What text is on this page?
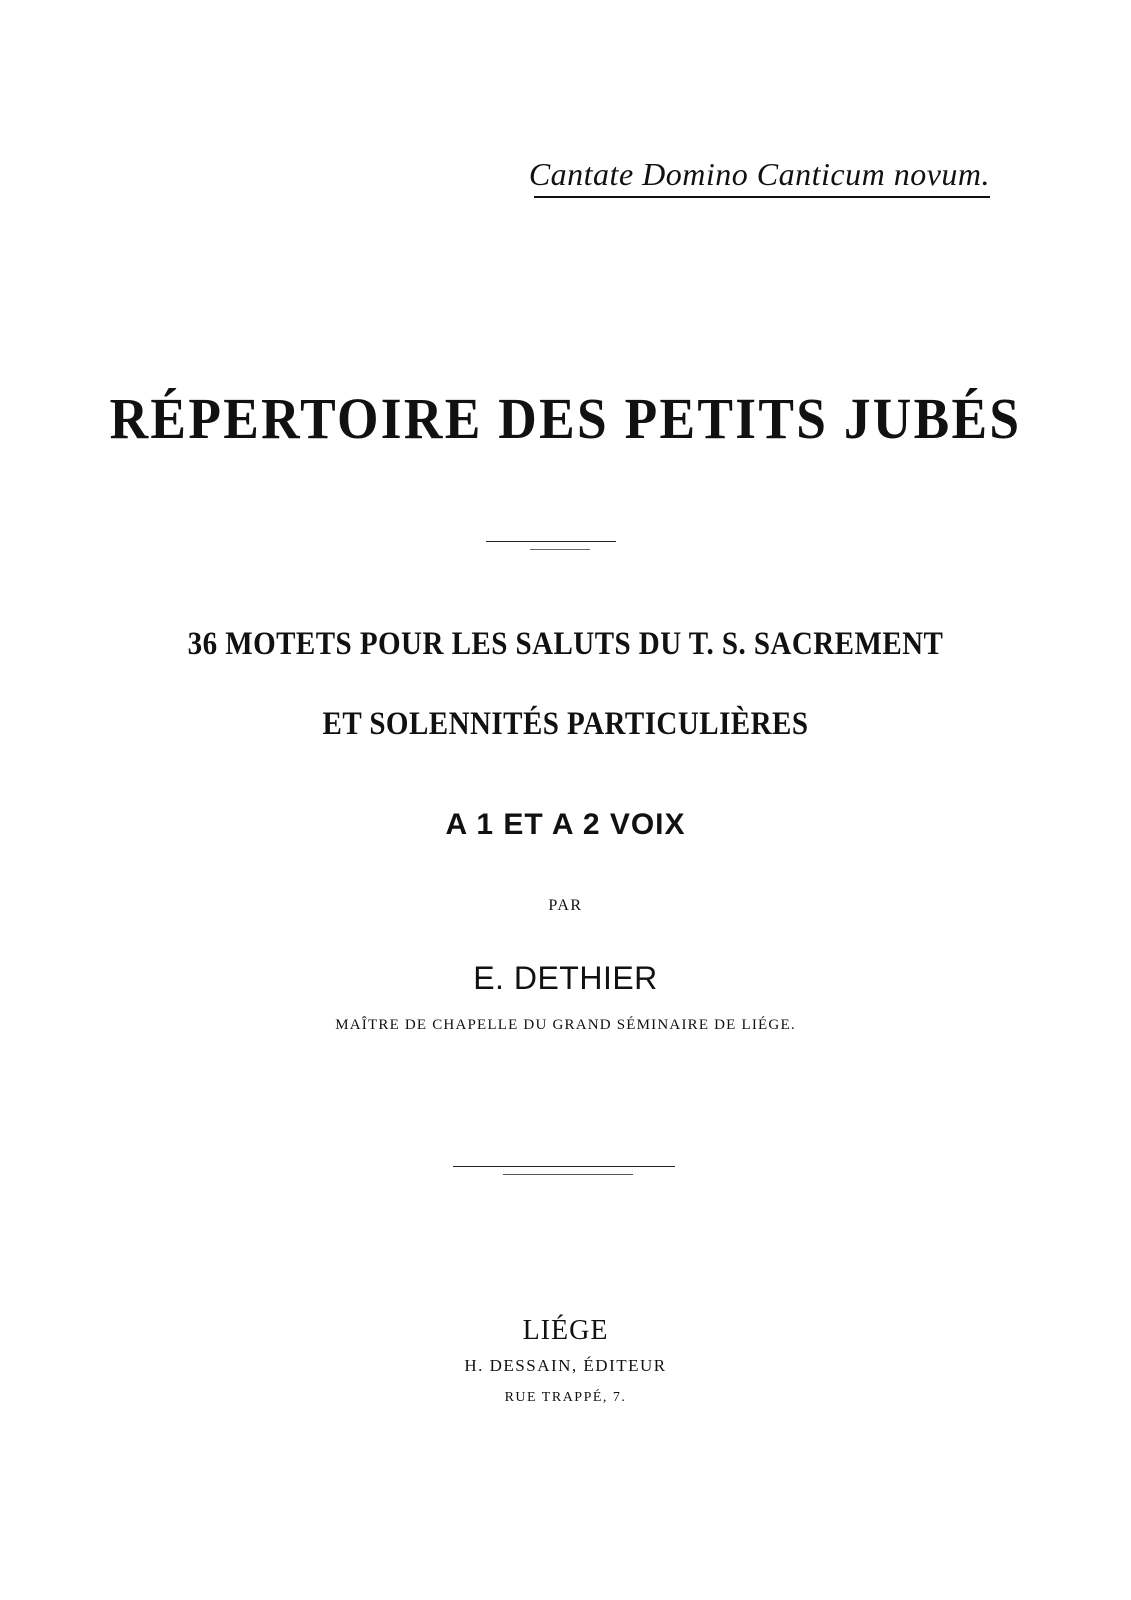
Cantate Domino Canticum novum.
RÉPERTOIRE DES PETITS JUBÉS
36 MOTETS POUR LES SALUTS DU T. S. SACREMENT
ET SOLENNITÉS PARTICULIÈRES
A 1 ET A 2 VOIX
PAR
E. DETHIER
MAÎTRE DE CHAPELLE DU GRAND SÉMINAIRE DE LIÉGE.
LIÉGE
H. DESSAIN, ÉDITEUR
RUE TRAPPÉ, 7.
